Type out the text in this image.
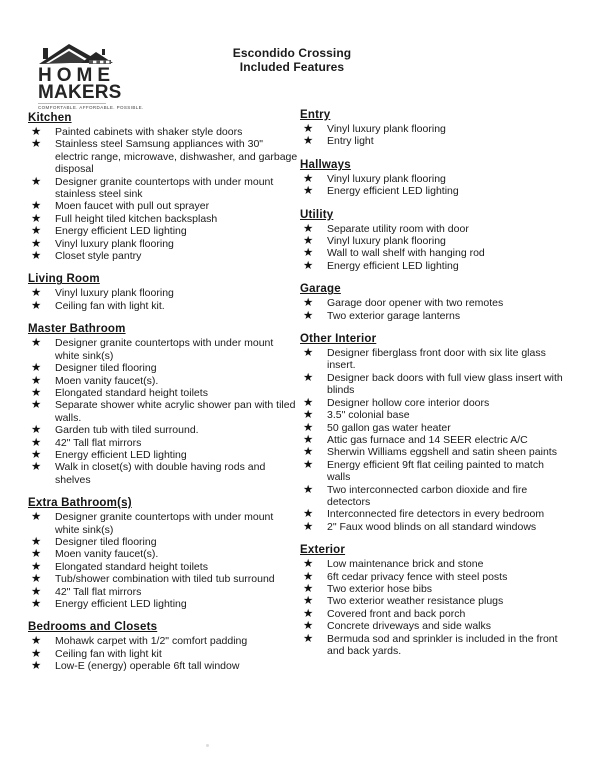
HOME
MAKERS
COMFORTABLE. AFFORDABLE. POSSIBLE.
Escondido Crossing
Included Features
Kitchen
★ Painted cabinets with shaker style doors
★ Stainless steel Samsung appliances with 30" electric range, microwave, dishwasher, and garbage disposal
★ Designer granite countertops with under mount stainless steel sink
★ Moen faucet with pull out sprayer
★ Full height tiled kitchen backsplash
★ Energy efficient LED lighting
★ Vinyl luxury plank flooring
★ Closet style pantry
Living Room
★ Vinyl luxury plank flooring
★ Ceiling fan with light kit.
Master Bathroom
★ Designer granite countertops with under mount white sink(s)
★ Designer tiled flooring
★ Moen vanity faucet(s).
★ Elongated standard height toilets
★ Separate shower white acrylic shower pan with tiled walls.
★ Garden tub with tiled surround.
★ 42" Tall flat mirrors
★ Energy efficient LED lighting
★ Walk in closet(s) with double having rods and shelves
Extra Bathroom(s)
★ Designer granite countertops with under mount white sink(s)
★ Designer tiled flooring
★ Moen vanity faucet(s).
★ Elongated standard height toilets
★ Tub/shower combination with tiled tub surround
★ 42" Tall flat mirrors
★ Energy efficient LED lighting
Bedrooms and Closets
★ Mohawk carpet with 1/2" comfort padding
★ Ceiling fan with light kit
★ Low-E (energy) operable 6ft tall window
Entry
★ Vinyl luxury plank flooring
★ Entry light
Hallways
★ Vinyl luxury plank flooring
★ Energy efficient LED lighting
Utility
★ Separate utility room with door
★ Vinyl luxury plank flooring
★ Wall to wall shelf with hanging rod
★ Energy efficient LED lighting
Garage
★ Garage door opener with two remotes
★ Two exterior garage lanterns
Other Interior
★ Designer fiberglass front door with six lite glass insert.
★ Designer back doors with full view glass insert with blinds
★ Designer hollow core interior doors
★ 3.5" colonial base
★ 50 gallon gas water heater
★ Attic gas furnace and 14 SEER electric A/C
★ Sherwin Williams eggshell and satin sheen paints
★ Energy efficient 9ft flat ceiling painted to match walls
★ Two interconnected carbon dioxide and fire detectors
★ Interconnected fire detectors in every bedroom
★ 2" Faux wood blinds on all standard windows
Exterior
★ Low maintenance brick and stone
★ 6ft cedar privacy fence with steel posts
★ Two exterior hose bibs
★ Two exterior weather resistance plugs
★ Covered front and back porch
★ Concrete driveways and side walks
★ Bermuda sod and sprinkler is included in the front and back yards.
